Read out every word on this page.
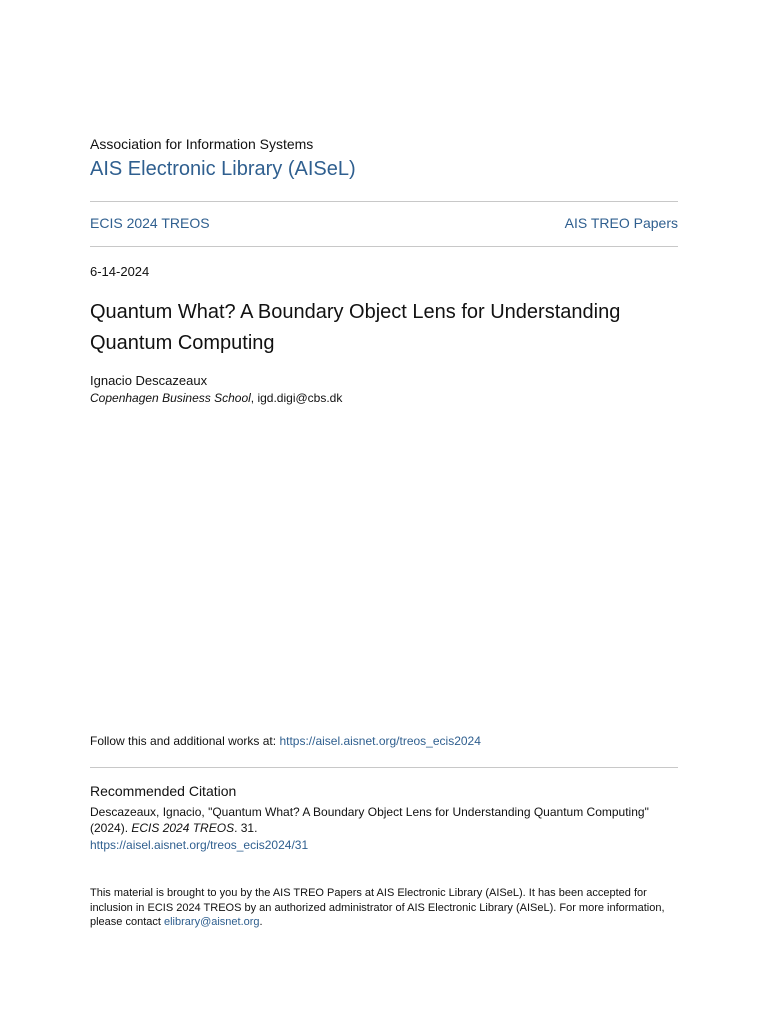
Association for Information Systems
AIS Electronic Library (AISeL)
ECIS 2024 TREOS	AIS TREO Papers
6-14-2024
Quantum What? A Boundary Object Lens for Understanding Quantum Computing
Ignacio Descazeaux
Copenhagen Business School, igd.digi@cbs.dk
Follow this and additional works at: https://aisel.aisnet.org/treos_ecis2024
Recommended Citation
Descazeaux, Ignacio, "Quantum What? A Boundary Object Lens for Understanding Quantum Computing" (2024). ECIS 2024 TREOS. 31.
https://aisel.aisnet.org/treos_ecis2024/31
This material is brought to you by the AIS TREO Papers at AIS Electronic Library (AISeL). It has been accepted for inclusion in ECIS 2024 TREOS by an authorized administrator of AIS Electronic Library (AISeL). For more information, please contact elibrary@aisnet.org.
